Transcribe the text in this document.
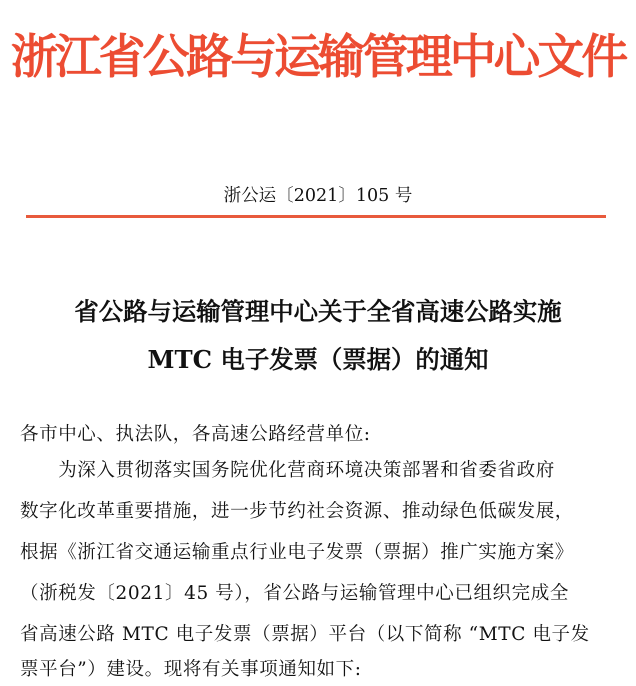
浙江省公路与运输管理中心文件
浙公运〔2021〕105 号
省公路与运输管理中心关于全省高速公路实施
MTC 电子发票（票据）的通知
各市中心、执法队，各高速公路经营单位:
　　为深入贯彻落实国务院优化营商环境决策部署和省委省政府
数字化改革重要措施，进一步节约社会资源、推动绿色低碳发展，
根据《浙江省交通运输重点行业电子发票（票据）推广实施方案》
（浙税发〔2021〕45 号），省公路与运输管理中心已组织完成全
省高速公路 MTC 电子发票（票据）平台（以下简称 “MTC 电子发
票平台”）建设。现将有关事项通知如下:
